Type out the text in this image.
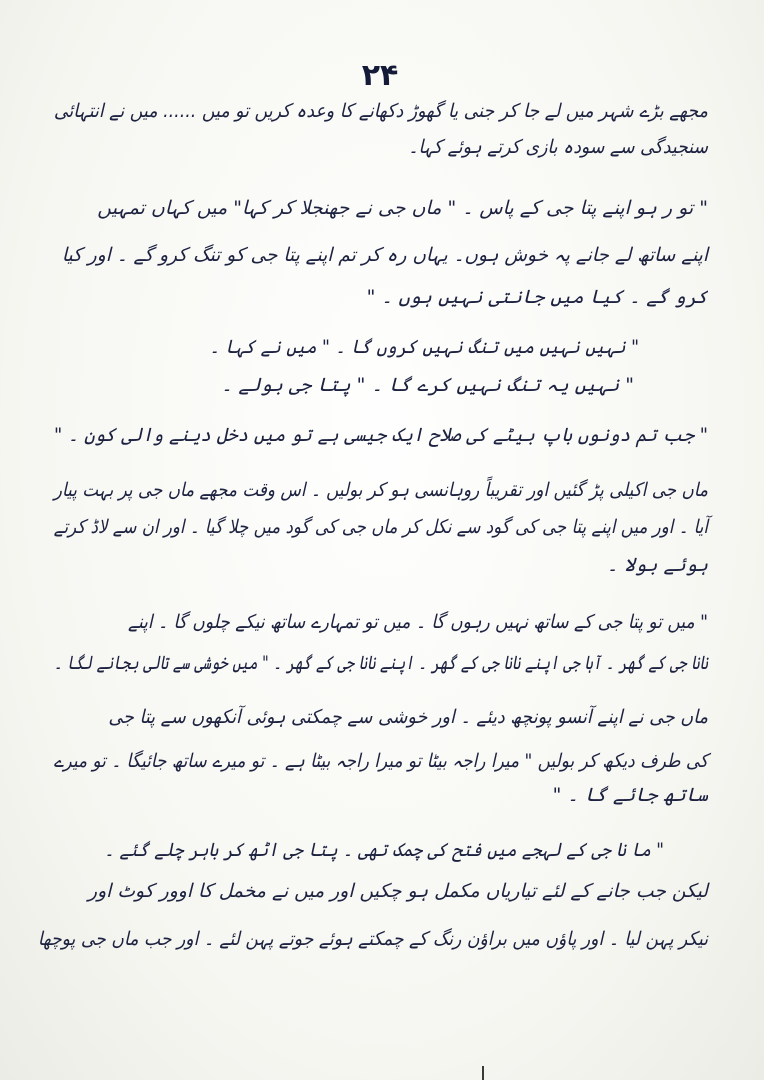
۲۴
مجھے بڑے شہر میں لے جا کر جنی یا گھوڑ دکھانے کا وعدہ کریں تو میں ...... میں نے انتہائی
سنجیدگی سے سودہ بازی کرتے ہوئے کہا۔
" تو ر ہو اپنے پتا جی کے پاس ۔ " ماں جی نے جھنجلا کر کہا" میں کہاں تمہیں
اپنے ساتھ لے جانے پہ خوش ہوں۔ یہاں رہ کر تم اپنے پتا جی کو تنگ کرو گے ۔ اور کیا
کرو گے ۔ کیا میں جانتی نہیں ہوں ۔ "
" نہیں نہیں میں تنگ نہیں کروں گا ۔ " میں نے کہا ۔
" نہیں یہ تنگ نہیں کرے گا ۔ " پتا جی بولے ۔
" جب تم دونوں باپ بیٹے کی صلاح ایک جیسی ہے تو میں دخل دینے والی کون ۔ "
ماں جی اکیلی پڑ گئیں اور تقریباً روہانسی ہو کر بولیں ۔ اس وقت مجھے ماں جی پر بہت پیار
آیا ۔ اور میں اپنے پتا جی کی گود سے نکل کر ماں جی کی گود میں چلا گیا ۔ اور ان سے لاڈ کرتے
ہوئے بولا ۔
" میں تو پتا جی کے ساتھ نہیں رہوں گا ۔ میں تو تمہارے ساتھ نیکے چلوں گا ۔ اپنے
نانا جی کے گھر ۔ آہا جی اپنے نانا جی کے گھر ۔ اپنے نانا جی کے گھر ۔ " میں خوشی سے تالی بجانے لگا ۔
ماں جی نے اپنے آنسو پونچھ دیئے ۔ اور خوشی سے چمکتی ہوئی آنکھوں سے پتا جی
کی طرف دیکھ کر بولیں " میرا راجہ بیٹا تو میرا راجہ بیٹا ہے ۔ تو میرے ساتھ جائیگا ۔ تو میرے
ساتھ جائے گا ۔ "
" ما نا جی کے لہجے میں فتح کی چمک تھی ۔ پتا جی اٹھ کر باہر چلے گئے ۔
لیکن جب جانے کے لئے تیاریاں مکمل ہو چکیں اور میں نے مخمل کا اوور کوٹ اور
نیکر پہن لیا ۔ اور پاؤں میں براؤن رنگ کے چمکتے ہوئے جوتے پہن لئے ۔ اور جب ماں جی پوچھا
